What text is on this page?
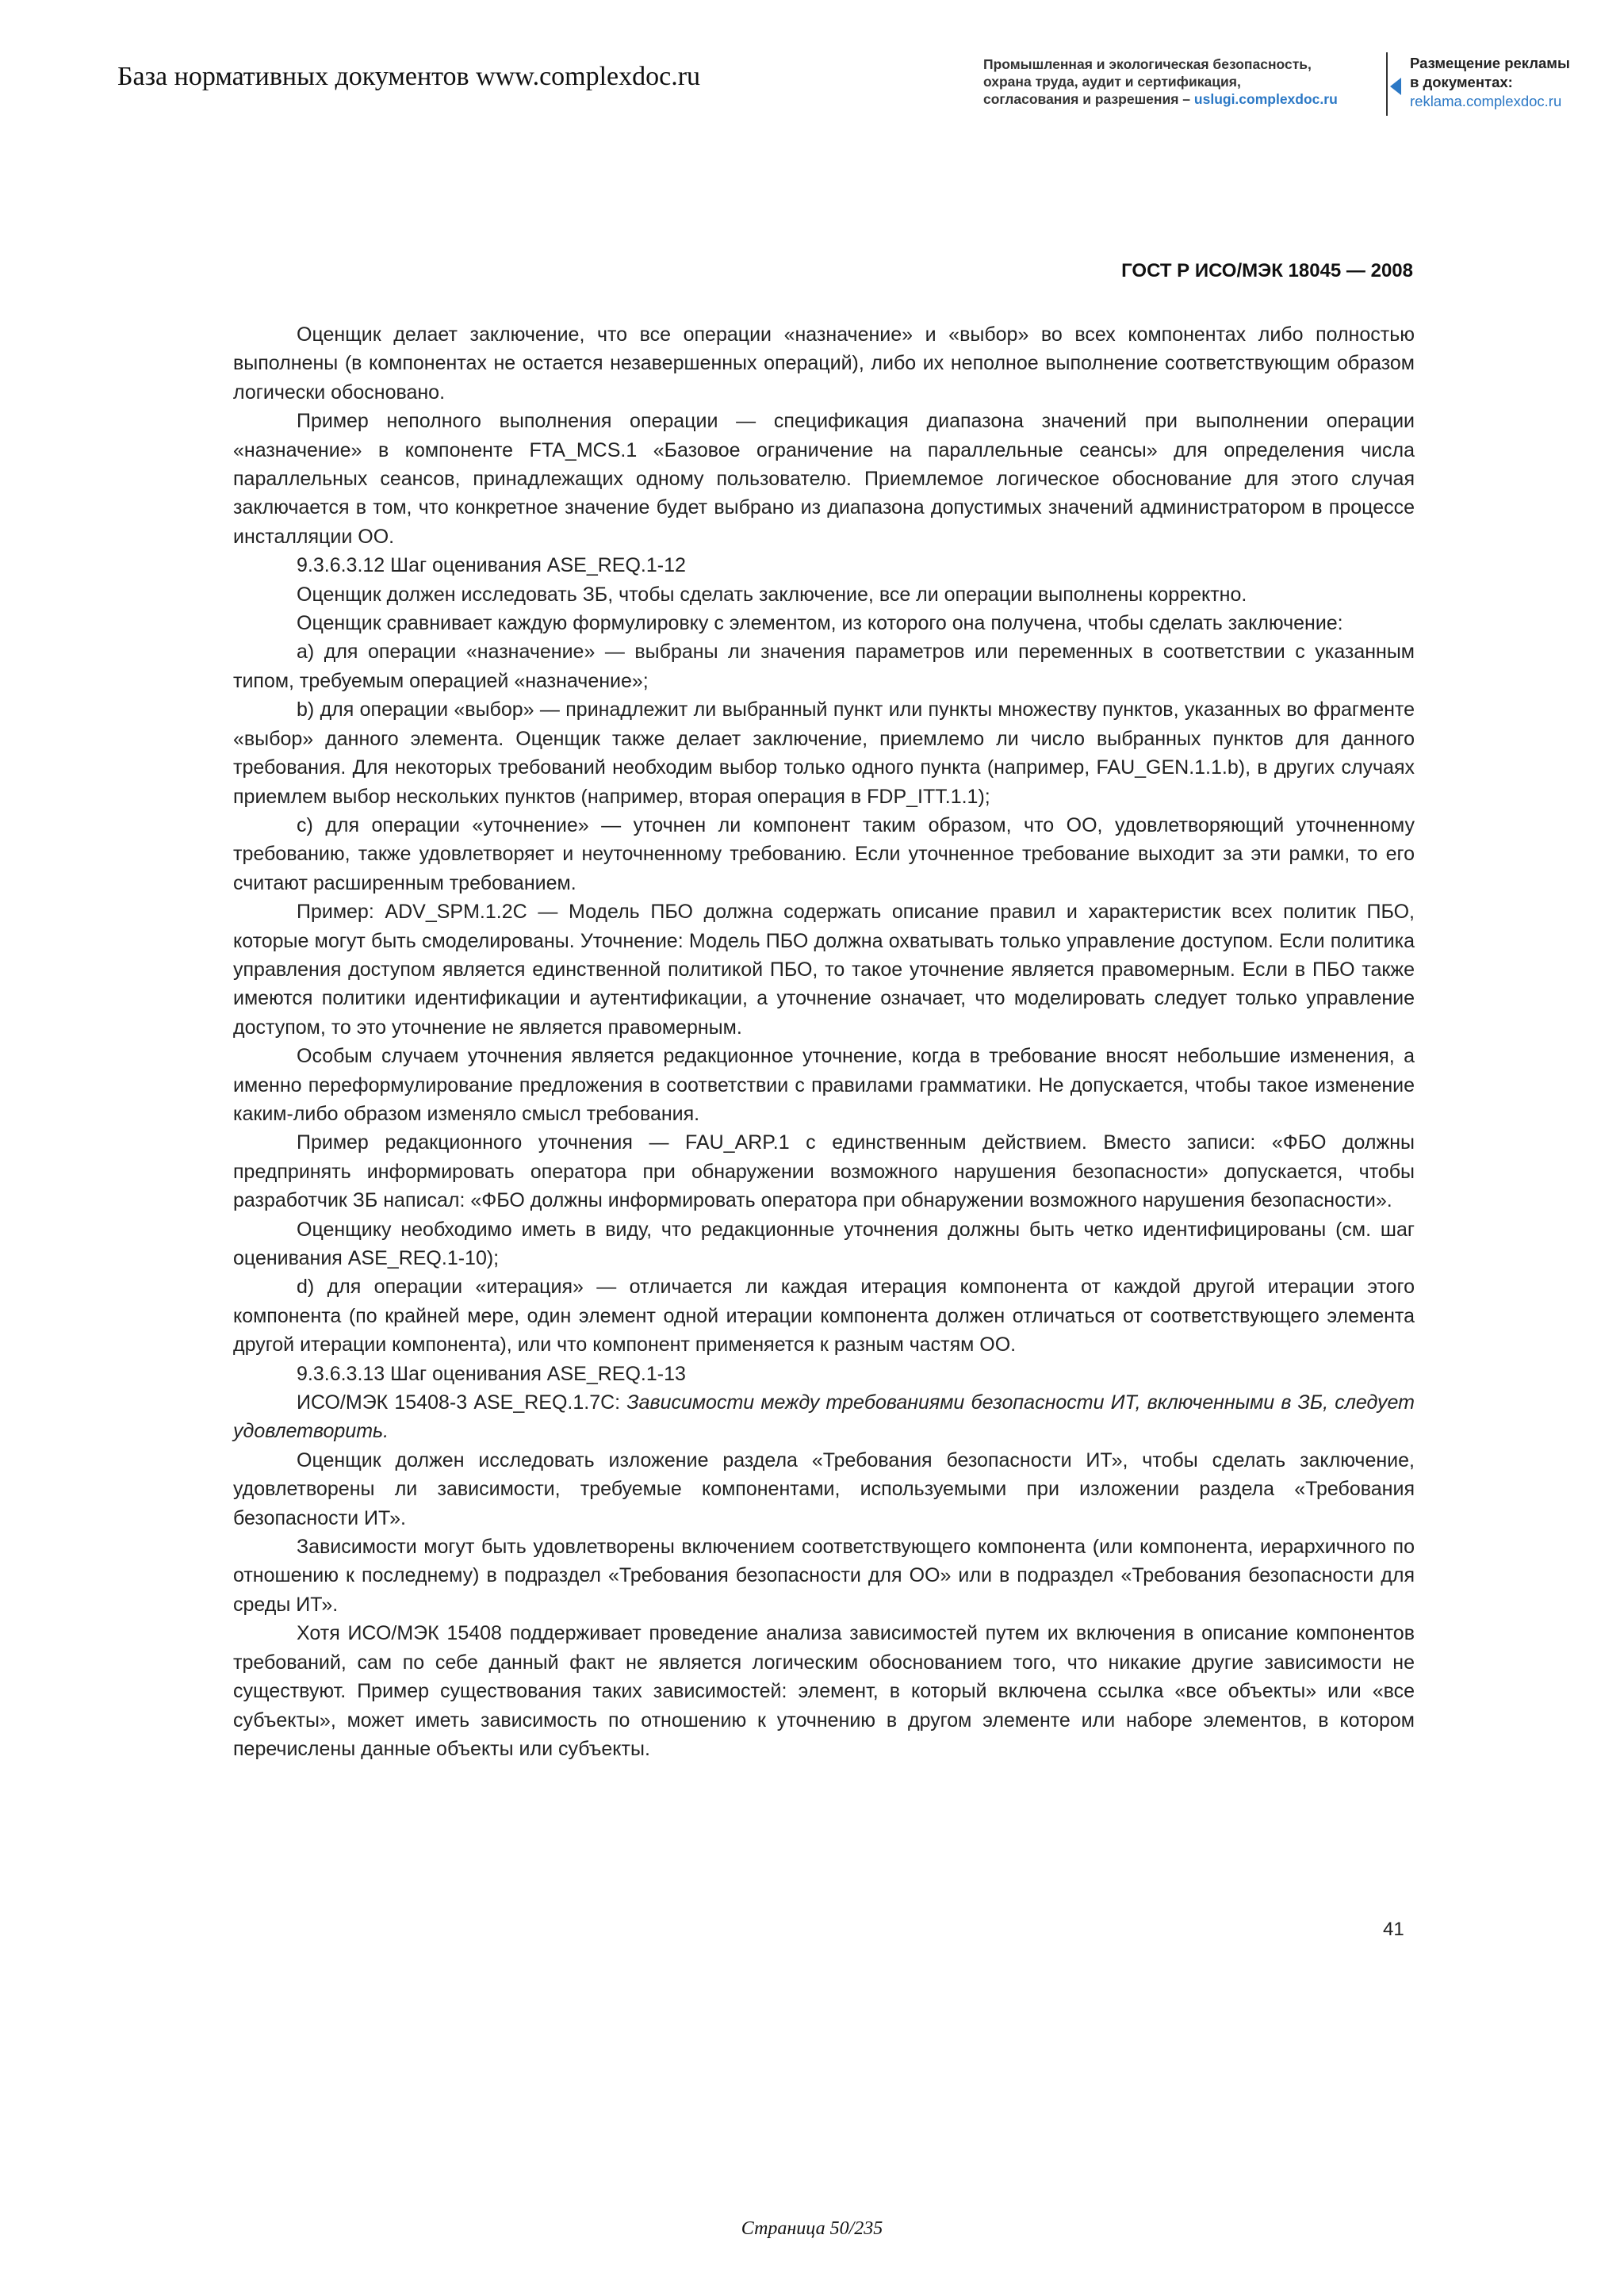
База нормативных документов www.complexdoc.ru	Промышленная и экологическая безопасность,
охрана труда, аудит и сертификация,
согласования и разрешения – uslugi.complexdoc.ru
Размещение рекламы
в документах:
reklama.complexdoc.ru
ГОСТ Р ИСО/МЭК 18045 — 2008

Оценщик делает заключение, что все операции «назначение» и «выбор» во всех компонентах либо полностью выполнены (в компонентах не остается незавершенных операций), либо их неполное выполнение соответствующим образом логически обосновано.

Пример неполного выполнения операции — спецификация диапазона значений при выполнении операции «назначение» в компоненте FTA_MCS.1 «Базовое ограничение на параллельные сеансы» для определения числа параллельных сеансов, принадлежащих одному пользователю. Приемлемое логическое обоснование для этого случая заключается в том, что конкретное значение будет выбрано из диапазона допустимых значений администратором в процессе инсталляции ОО.

9.3.6.3.12 Шаг оценивания ASE_REQ.1-12

Оценщик должен исследовать ЗБ, чтобы сделать заключение, все ли операции выполнены корректно.

Оценщик сравнивает каждую формулировку с элементом, из которого она получена, чтобы сделать заключение:

a) для операции «назначение» — выбраны ли значения параметров или переменных в соответствии с указанным типом, требуемым операцией «назначение»;

b) для операции «выбор» — принадлежит ли выбранный пункт или пункты множеству пунктов, указанных во фрагменте «выбор» данного элемента. Оценщик также делает заключение, приемлемо ли число выбранных пунктов для данного требования. Для некоторых требований необходим выбор только одного пункта (например, FAU_GEN.1.1.b), в других случаях приемлем выбор нескольких пунктов (например, вторая операция в FDP_ITT.1.1);

c) для операции «уточнение» — уточнен ли компонент таким образом, что ОО, удовлетворяющий уточненному требованию, также удовлетворяет и неуточненному требованию. Если уточненное требование выходит за эти рамки, то его считают расширенным требованием.

Пример: ADV_SPM.1.2C — Модель ПБО должна содержать описание правил и характеристик всех политик ПБО, которые могут быть смоделированы. Уточнение: Модель ПБО должна охватывать только управление доступом. Если политика управления доступом является единственной политикой ПБО, то такое уточнение является правомерным. Если в ПБО также имеются политики идентификации и аутентификации, а уточнение означает, что моделировать следует только управление доступом, то это уточнение не является правомерным.

Особым случаем уточнения является редакционное уточнение, когда в требование вносят небольшие изменения, а именно переформулирование предложения в соответствии с правилами грамматики. Не допускается, чтобы такое изменение каким-либо образом изменяло смысл требования.

Пример редакционного уточнения — FAU_ARP.1 с единственным действием. Вместо записи: «ФБО должны предпринять информировать оператора при обнаружении возможного нарушения безопасности» допускается, чтобы разработчик ЗБ написал: «ФБО должны информировать оператора при обнаружении возможного нарушения безопасности».

Оценщику необходимо иметь в виду, что редакционные уточнения должны быть четко идентифицированы (см. шаг оценивания ASE_REQ.1-10);

d) для операции «итерация» — отличается ли каждая итерация компонента от каждой другой итерации этого компонента (по крайней мере, один элемент одной итерации компонента должен отличаться от соответствующего элемента другой итерации компонента), или что компонент применяется к разным частям ОО.

9.3.6.3.13 Шаг оценивания ASE_REQ.1-13

ИСО/МЭК 15408-3 ASE_REQ.1.7C: Зависимости между требованиями безопасности ИТ, включенными в ЗБ, следует удовлетворить.

Оценщик должен исследовать изложение раздела «Требования безопасности ИТ», чтобы сделать заключение, удовлетворены ли зависимости, требуемые компонентами, используемыми при изложении раздела «Требования безопасности ИТ».

Зависимости могут быть удовлетворены включением соответствующего компонента (или компонента, иерархичного по отношению к последнему) в подраздел «Требования безопасности для ОО» или в подраздел «Требования безопасности для среды ИТ».

Хотя ИСО/МЭК 15408 поддерживает проведение анализа зависимостей путем их включения в описание компонентов требований, сам по себе данный факт не является логическим обоснованием того, что никакие другие зависимости не существуют. Пример существования таких зависимостей: элемент, в который включена ссылка «все объекты» или «все субъекты», может иметь зависимость по отношению к уточнению в другом элементе или наборе элементов, в котором перечислены данные объекты или субъекты.

41
Страница 50/235
